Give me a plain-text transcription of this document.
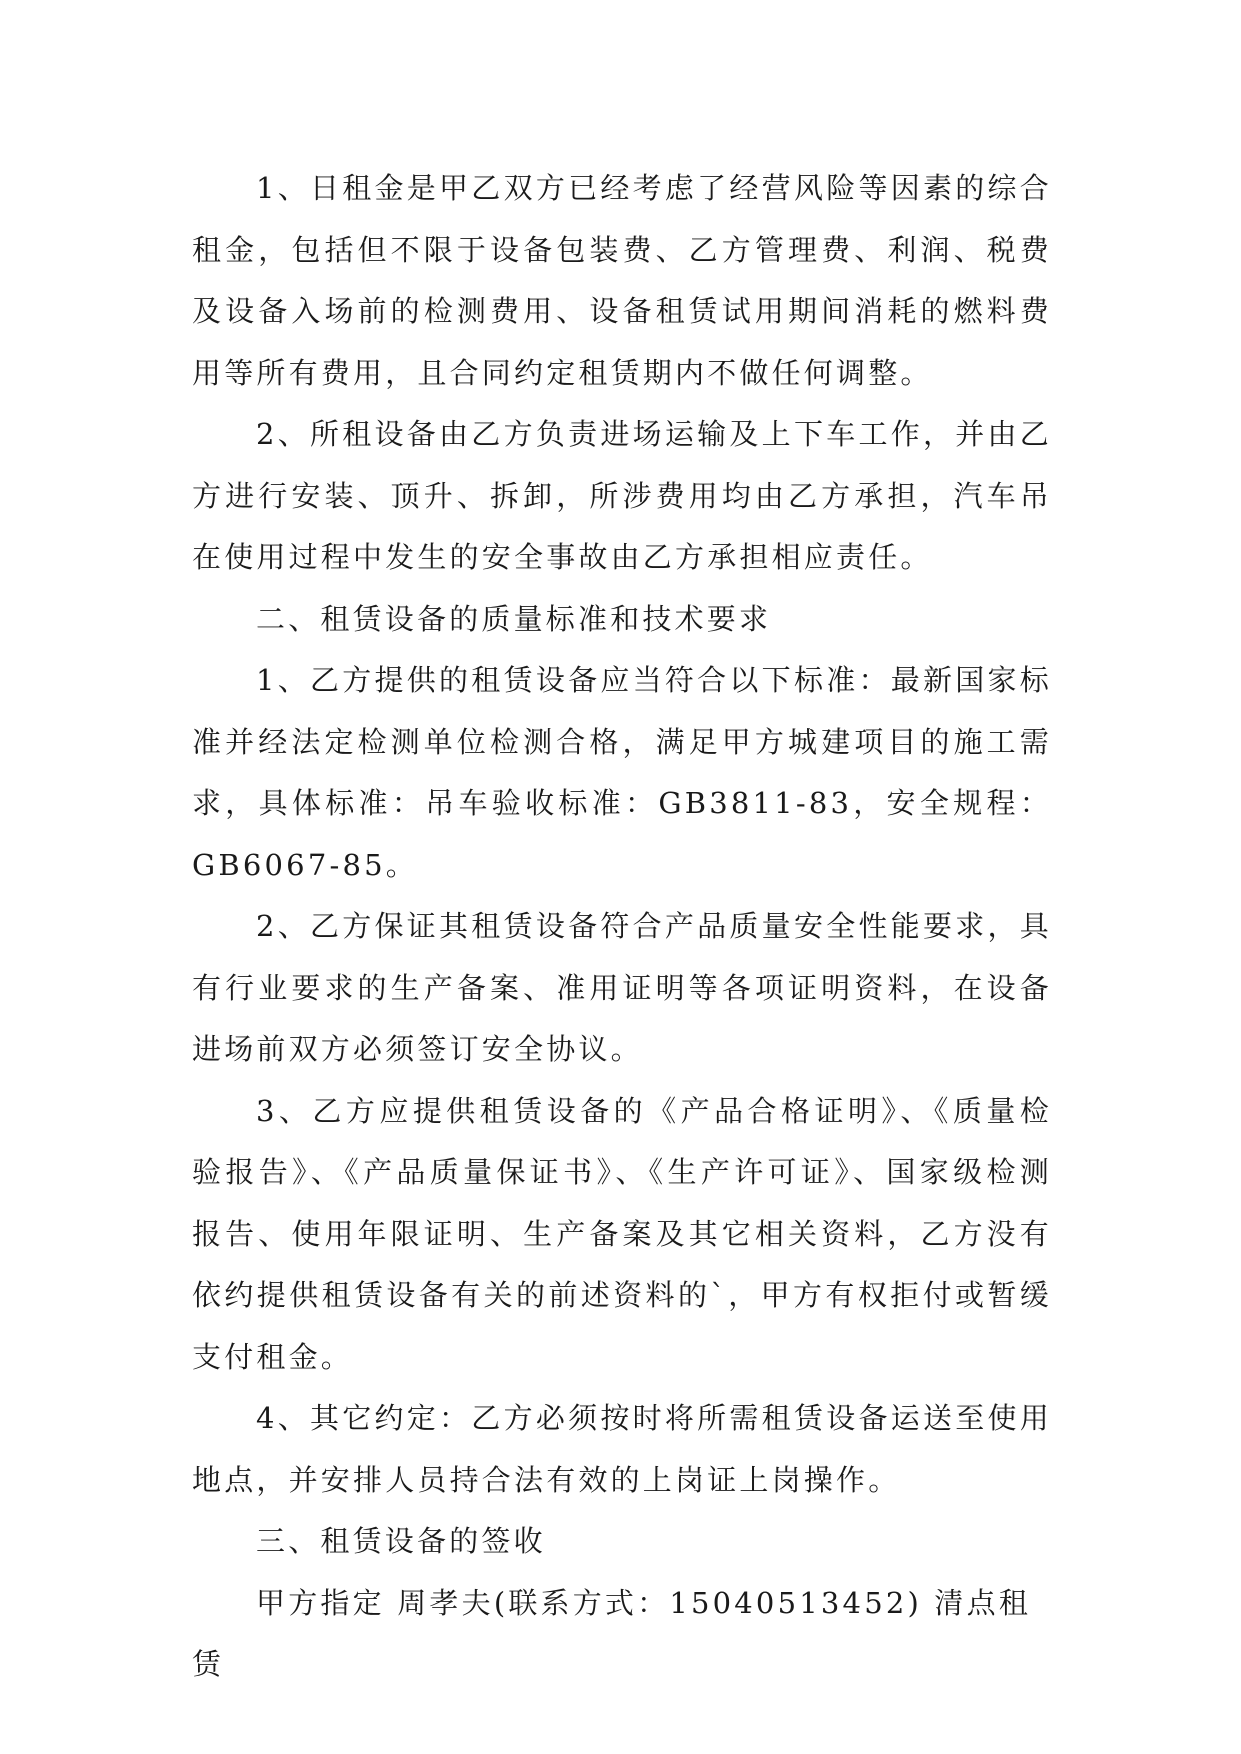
1、日租金是甲乙双方已经考虑了经营风险等因素的综合租金，包括但不限于设备包装费、乙方管理费、利润、税费及设备入场前的检测费用、设备租赁试用期间消耗的燃料费用等所有费用，且合同约定租赁期内不做任何调整。

2、所租设备由乙方负责进场运输及上下车工作，并由乙方进行安装、顶升、拆卸，所涉费用均由乙方承担，汽车吊在使用过程中发生的安全事故由乙方承担相应责任。

二、租赁设备的质量标准和技术要求

1、乙方提供的租赁设备应当符合以下标准：最新国家标准并经法定检测单位检测合格，满足甲方城建项目的施工需求，具体标准：吊车验收标准：GB3811-83，安全规程：GB6067-85。

2、乙方保证其租赁设备符合产品质量安全性能要求，具有行业要求的生产备案、准用证明等各项证明资料，在设备进场前双方必须签订安全协议。

3、乙方应提供租赁设备的《产品合格证明》、《质量检验报告》、《产品质量保证书》、《生产许可证》、国家级检测报告、使用年限证明、生产备案及其它相关资料，乙方没有依约提供租赁设备有关的前述资料的`，甲方有权拒付或暂缓支付租金。

4、其它约定：乙方必须按时将所需租赁设备运送至使用地点，并安排人员持合法有效的上岗证上岗操作。

三、租赁设备的签收

甲方指定 周孝夫(联系方式：15040513452) 清点租赁
